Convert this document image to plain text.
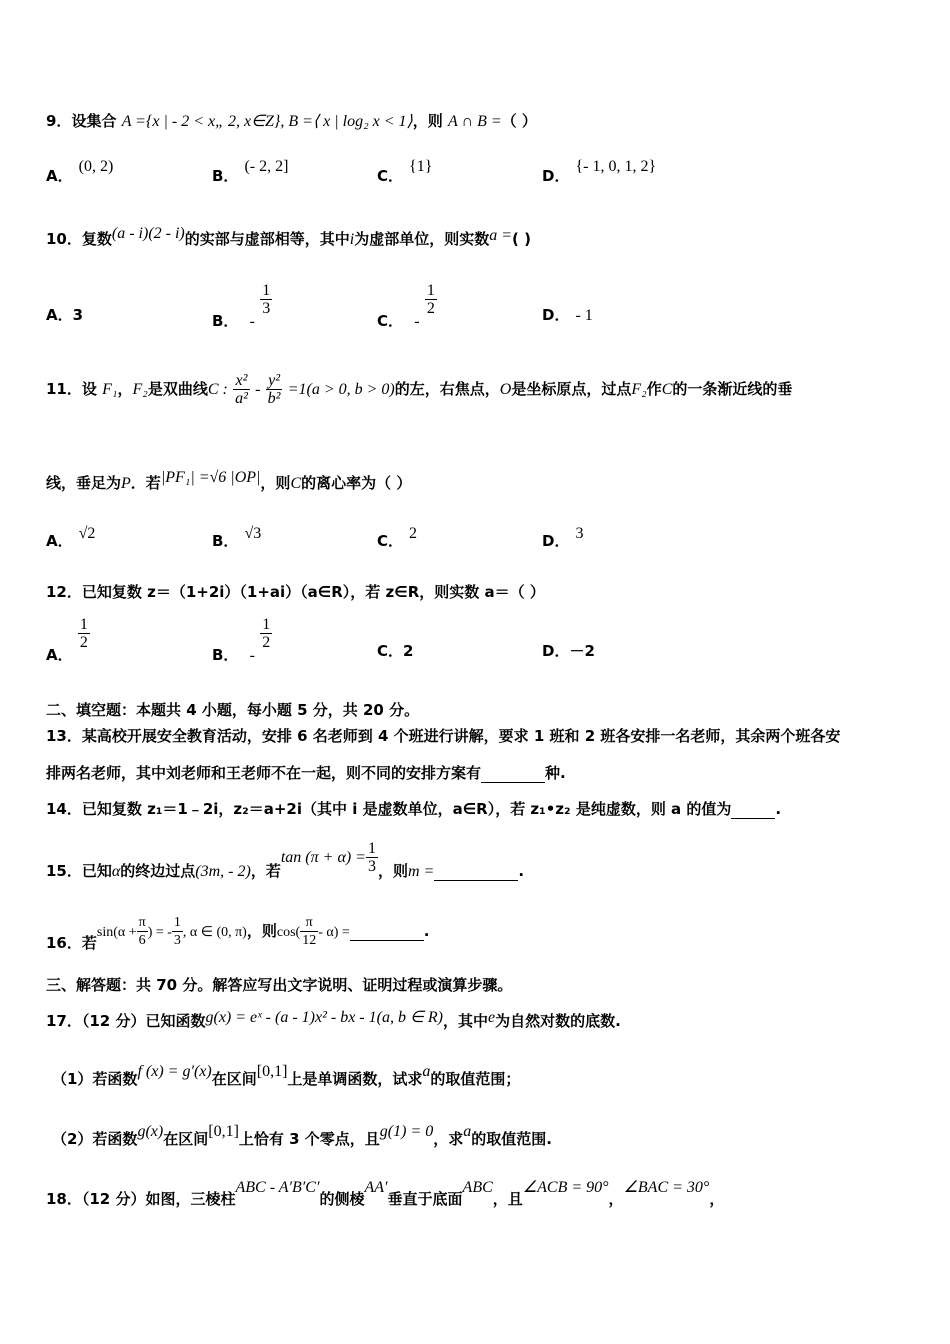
9．设集合 A ={x | - 2 < x„ 2, x∈Z}, B =⟨ x | log₂ x < 1⟩，则 A ∩ B =（ ）
A．(0, 2)
B．(- 2, 2]
C．{1}
D．{- 1, 0, 1, 2}
10．复数(a - i)(2 - i)的实部与虚部相等，其中i为虚部单位，则实数a =( )
A．3	B． -
$\frac{1}{3}$
C． -
$\frac{1}{2}$	D． - 1
11．设 F₁，F₂是双曲线C : $\frac{\text{x²}}{\text{a²}} - \frac{\text{y²}}{\text{b²}} =1(a > 0$, b > 0)的左，右焦点，O是坐标原点，过点F₂作C的一条渐近线的垂
线，垂足为P．若|PF₁| =√6 |OP|，则C的离心率为（ ）
A． √2	B． √3	C． 2	D． 3
12．已知复数 z＝（1+2i）（1+ai）（a∈R），若 z∈R，则实数 a＝（ ）
A．
$\frac{1}{2}$
B． -
$\frac{1}{2}$	C．2	D．－2
二、填空题：本题共 4 小题，每小题 5 分，共 20 分。
13．某高校开展安全教育活动，安排 6 名老师到 4 个班进行讲解，要求 1 班和 2 班各安排一名老师，其余两个班各安
排两名老师，其中刘老师和王老师不在一起，则不同的安排方案有	种.
14．已知复数 z₁＝1﹣2i，z₂＝a+2i（其中 i 是虚数单位，a∈R），若 z₁•z₂ 是纯虚数，则 a 的值为	.
15．已知α的终边过点(3m, - 2)，若$\tan (\pi + \alpha) = \frac{1}{3}$ ，则m =	.
16．若$\sin(\alpha + \frac{\pi}{6}$ ) = - $\frac{1}{3}$ , α ∈ (0, π)，则$\cos( \frac{\pi}{12} - \alpha)$ =	.
三、解答题：共 70 分。解答应写出文字说明、证明过程或演算步骤。
17．（12 分）已知函数g(x) = eˣ - (a - 1)x² - bx - 1(a, b ∈ R)，其中e为自然对数的底数.
（1）若函数f (x) = g′(x)在区间[0,1]上是单调函数，试求a的取值范围；
（2）若函数g(x)在区间[0,1]上恰有 3 个零点，且g(1) = 0，求a的取值范围.
18．（12 分）如图，三棱柱ABC - A′B′C′的侧棱AA′垂直于底面ABC，且∠ACB = 90°，∠BAC = 30°，
